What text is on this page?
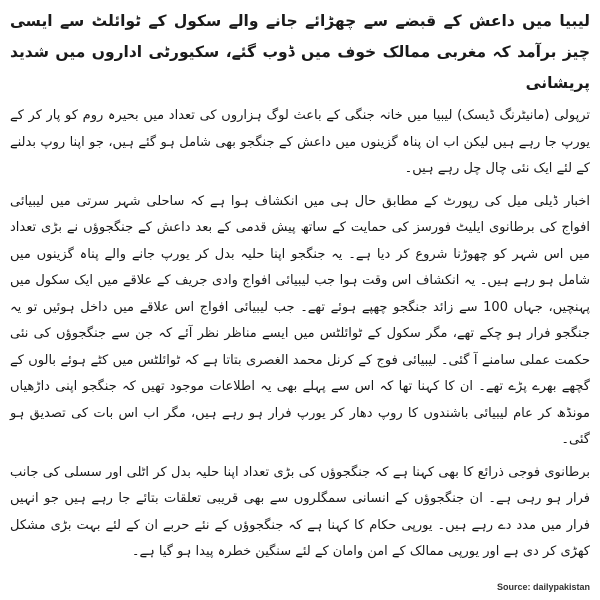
لیبیا میں داعش کے قبضے سے چھڑائے جانے والے سکول کے ٹوائلٹ سے ایسی چیز برآمد کہ مغربی ممالک خوف میں ڈوب گئے، سکیورٹی اداروں میں شدید پریشانی

ترپولی (مانیٹرنگ ڈیسک) لیبیا میں خانہ جنگی کے باعث لوگ ہزاروں کی تعداد میں بحیرہ روم کو پار کر کے یورپ جا رہے ہیں لیکن اب ان پناہ گزینوں میں داعش کے جنگجو بھی شامل ہو گئے ہیں، جو اپنا روپ بدلنے کے لئے ایک نئی چال چل رہے ہیں۔

اخبار ڈیلی میل کی رپورٹ کے مطابق حال ہی میں انکشاف ہوا ہے کہ ساحلی شہر سرتی میں لیبیائی افواج کی برطانوی ایلیٹ فورسز کی حمایت کے ساتھ پیش قدمی کے بعد داعش کے جنگجوؤں نے بڑی تعداد میں اس شہر کو چھوڑنا شروع کر دیا ہے۔ یہ جنگجو اپنا حلیہ بدل کر یورپ جانے والے پناہ گزینوں میں شامل ہو رہے ہیں۔ یہ انکشاف اس وقت ہوا جب لیبیائی افواج وادی جریف کے علاقے میں ایک سکول میں پہنچیں، جہاں 100 سے زائد جنگجو چھپے ہوئے تھے۔ جب لیبیائی افواج اس علاقے میں داخل ہوئیں تو یہ جنگجو فرار ہو چکے تھے، مگر سکول کے ٹوائلٹس میں ایسے مناظر نظر آئے کہ جن سے جنگجوؤں کی نئی حکمت عملی سامنے آ گئی۔ لیبیائی فوج کے کرنل محمد الغصری بتاتا ہے کہ ٹوائلٹس میں کٹے ہوئے بالوں کے گچھے بھرے پڑے تھے۔ ان کا کہنا تھا کہ اس سے پہلے بھی یہ اطلاعات موجود تھیں کہ جنگجو اپنی داڑھیاں مونڈھ کر عام لیبیائی باشندوں کا روپ دھار کر یورپ فرار ہو رہے ہیں، مگر اب اس بات کی تصدیق ہو گئی۔

برطانوی فوجی ذرائع کا بھی کہنا ہے کہ جنگجوؤں کی بڑی تعداد اپنا حلیہ بدل کر اٹلی اور سسلی کی جانب فرار ہو رہی ہے۔ ان جنگجوؤں کے انسانی سمگلروں سے بھی قریبی تعلقات بتائے جا رہے ہیں جو انہیں فرار میں مدد دے رہے ہیں۔ یورپی حکام کا کہنا ہے کہ جنگجوؤں کے نئے حربے ان کے لئے بہت بڑی مشکل کھڑی کر دی ہے اور یورپی ممالک کے امن وامان کے لئے سنگین خطرہ پیدا ہو گیا ہے۔

Source: dailypakistan
